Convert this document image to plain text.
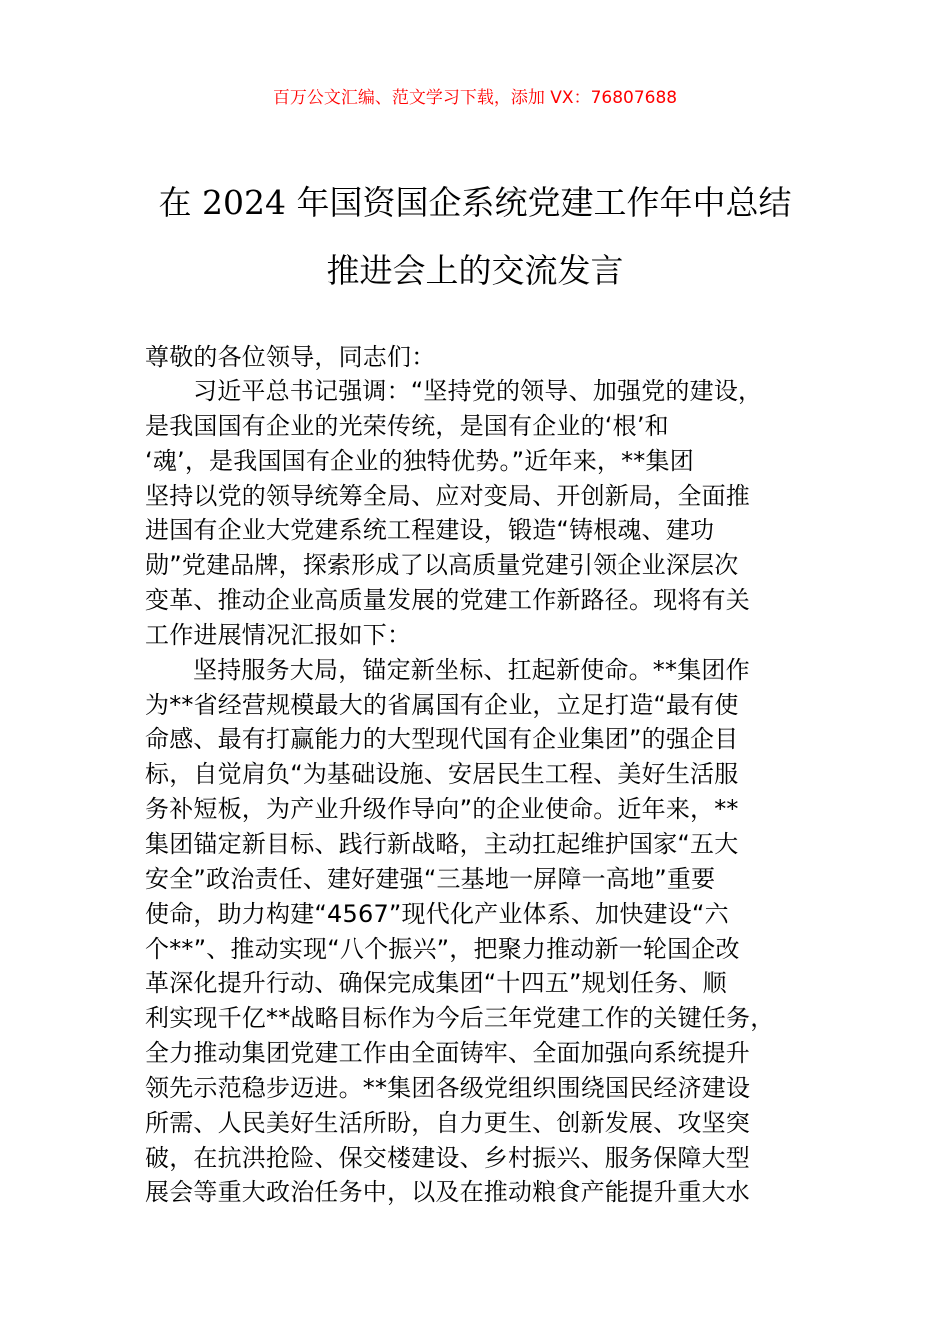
百万公文汇编、范文学习下载，添加 VX：76807688
在 2024 年国资国企系统党建工作年中总结
推进会上的交流发言
尊敬的各位领导，同志们：
习近平总书记强调：“坚持党的领导、加强党的建设，
是我国国有企业的光荣传统，是国有企业的‘根’和
‘魂’，是我国国有企业的独特优势。”近年来，**集团
坚持以党的领导统筹全局、应对变局、开创新局，全面推
进国有企业大党建系统工程建设，锻造“铸根魂、建功
勋”党建品牌，探索形成了以高质量党建引领企业深层次
变革、推动企业高质量发展的党建工作新路径。现将有关
工作进展情况汇报如下：
坚持服务大局，锚定新坐标、扛起新使命。**集团作
为**省经营规模最大的省属国有企业，立足打造“最有使
命感、最有打赢能力的大型现代国有企业集团”的强企目
标，自觉肩负“为基础设施、安居民生工程、美好生活服
务补短板，为产业升级作导向”的企业使命。近年来，**
集团锚定新目标、践行新战略，主动扛起维护国家“五大
安全”政治责任、建好建强“三基地一屏障一高地”重要
使命，助力构建“4567”现代化产业体系、加快建设“六
个**”、推动实现“八个振兴”，把聚力推动新一轮国企改
革深化提升行动、确保完成集团“十四五”规划任务、顺
利实现千亿**战略目标作为今后三年党建工作的关键任务，
全力推动集团党建工作由全面铸牢、全面加强向系统提升
领先示范稳步迈进。**集团各级党组织围绕国民经济建设
所需、人民美好生活所盼，自力更生、创新发展、攻坚突
破，在抗洪抢险、保交楼建设、乡村振兴、服务保障大型
展会等重大政治任务中，以及在推动粮食产能提升重大水
